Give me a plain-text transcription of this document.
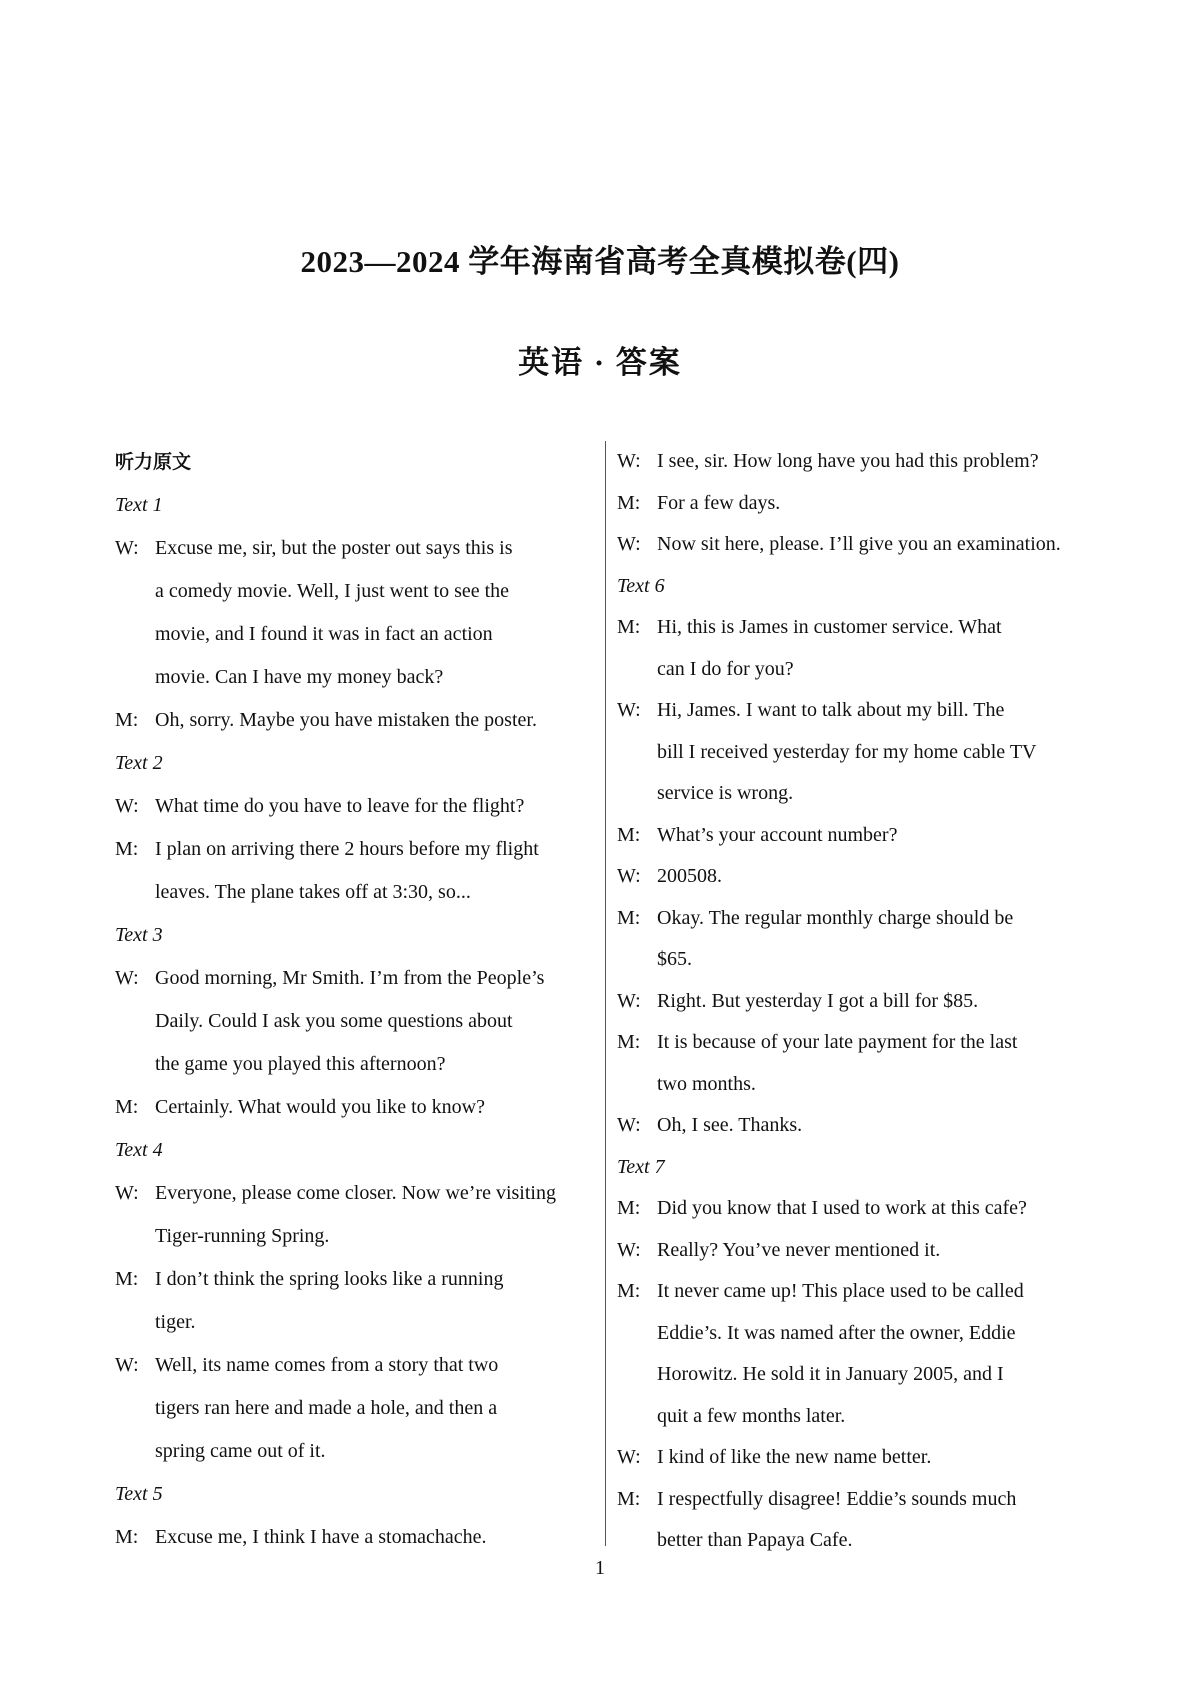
2023—2024 学年海南省高考全真模拟卷(四)
英语 · 答案
听力原文
Text 1
W: Excuse me, sir, but the poster out says this is
a comedy movie. Well, I just went to see the
movie, and I found it was in fact an action
movie. Can I have my money back?
M: Oh, sorry. Maybe you have mistaken the poster.
Text 2
W: What time do you have to leave for the flight?
M: I plan on arriving there 2 hours before my flight
leaves. The plane takes off at 3:30, so...
Text 3
W: Good morning, Mr Smith. I’m from the People’s
Daily. Could I ask you some questions about
the game you played this afternoon?
M: Certainly. What would you like to know?
Text 4
W: Everyone, please come closer. Now we’re visiting
Tiger-running Spring.
M: I don’t think the spring looks like a running
tiger.
W: Well, its name comes from a story that two
tigers ran here and made a hole, and then a
spring came out of it.
Text 5
M: Excuse me, I think I have a stomachache.
W: I see, sir. How long have you had this problem?
M: For a few days.
W: Now sit here, please. I’ll give you an examination.
Text 6
M: Hi, this is James in customer service. What
can I do for you?
W: Hi, James. I want to talk about my bill. The
bill I received yesterday for my home cable TV
service is wrong.
M: What’s your account number?
W: 200508.
M: Okay. The regular monthly charge should be
$65.
W: Right. But yesterday I got a bill for $85.
M: It is because of your late payment for the last
two months.
W: Oh, I see. Thanks.
Text 7
M: Did you know that I used to work at this cafe?
W: Really? You’ve never mentioned it.
M: It never came up! This place used to be called
Eddie’s. It was named after the owner, Eddie
Horowitz. He sold it in January 2005, and I
quit a few months later.
W: I kind of like the new name better.
M: I respectfully disagree! Eddie’s sounds much
better than Papaya Cafe.
1
